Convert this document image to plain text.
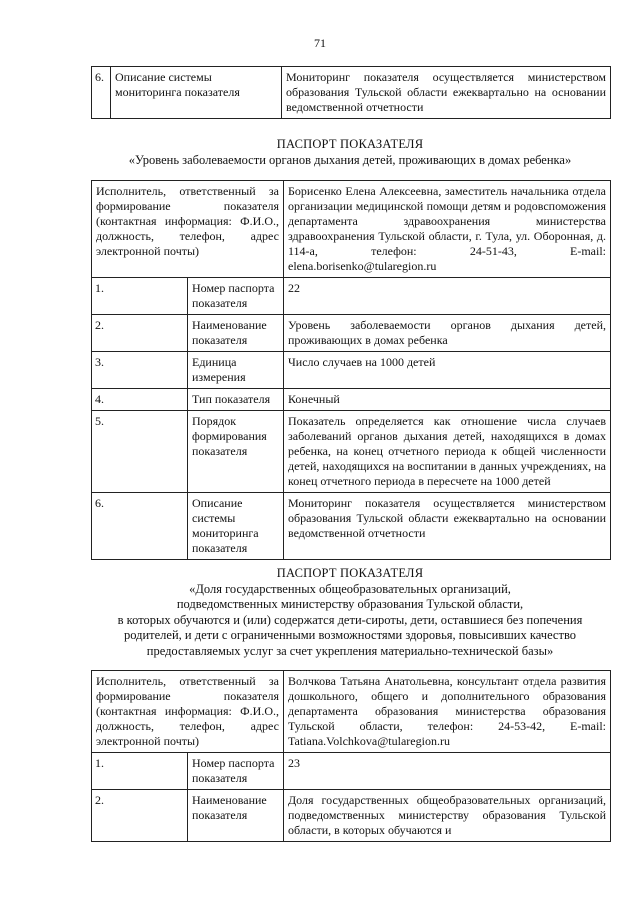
71
6.	Описание системы мониторинга показателя	Мониторинг показателя осуществляется министерством образования Тульской области ежеквартально на основании ведомственной отчетности
ПАСПОРТ ПОКАЗАТЕЛЯ
«Уровень заболеваемости органов дыхания детей, проживающих в домах ребенка»
Исполнитель, ответственный за формирование показателя (контактная информация: Ф.И.О., должность, телефон, адрес электронной почты)		Борисенко Елена Алексеевна, заместитель начальника отдела организации медицинской помощи детям и родовспоможения департамента здравоохранения министерства здравоохранения Тульской области, г. Тула, ул. Оборонная, д. 114-а, телефон: 24-51-43, E-mail: elena.borisenko@tularegion.ru
1.	Номер паспорта показателя	22
2.	Наименование показателя	Уровень заболеваемости органов дыхания детей, проживающих в домах ребенка
3.	Единица измерения	Число случаев на 1000 детей
4.	Тип показателя	Конечный
5.	Порядок формирования показателя	Показатель определяется как отношение числа случаев заболеваний органов дыхания детей, находящихся в домах ребенка, на конец отчетного периода к общей численности детей, находящихся на воспитании в данных учреждениях, на конец отчетного периода в пересчете на 1000 детей
6.	Описание системы мониторинга показателя	Мониторинг показателя осуществляется министерством образования Тульской области ежеквартально на основании ведомственной отчетности
ПАСПОРТ ПОКАЗАТЕЛЯ
«Доля государственных общеобразовательных организаций,
подведомственных министерству образования Тульской области,
в которых обучаются и (или) содержатся дети-сироты, дети, оставшиеся без попечения
родителей, и дети с ограниченными возможностями здоровья, повысивших качество
предоставляемых услуг за счет укрепления материально-технической базы»
Исполнитель, ответственный за формирование показателя (контактная информация: Ф.И.О., должность, телефон, адрес электронной почты)		Волчкова Татьяна Анатольевна, консультант отдела развития дошкольного, общего и дополнительного образования департамента образования министерства образования Тульской области, телефон: 24-53-42, E-mail: Tatiana.Volchkova@tularegion.ru
1.	Номер паспорта показателя	23
2.	Наименование показателя	Доля государственных общеобразовательных организаций, подведомственных министерству образования Тульской области, в которых обучаются и
